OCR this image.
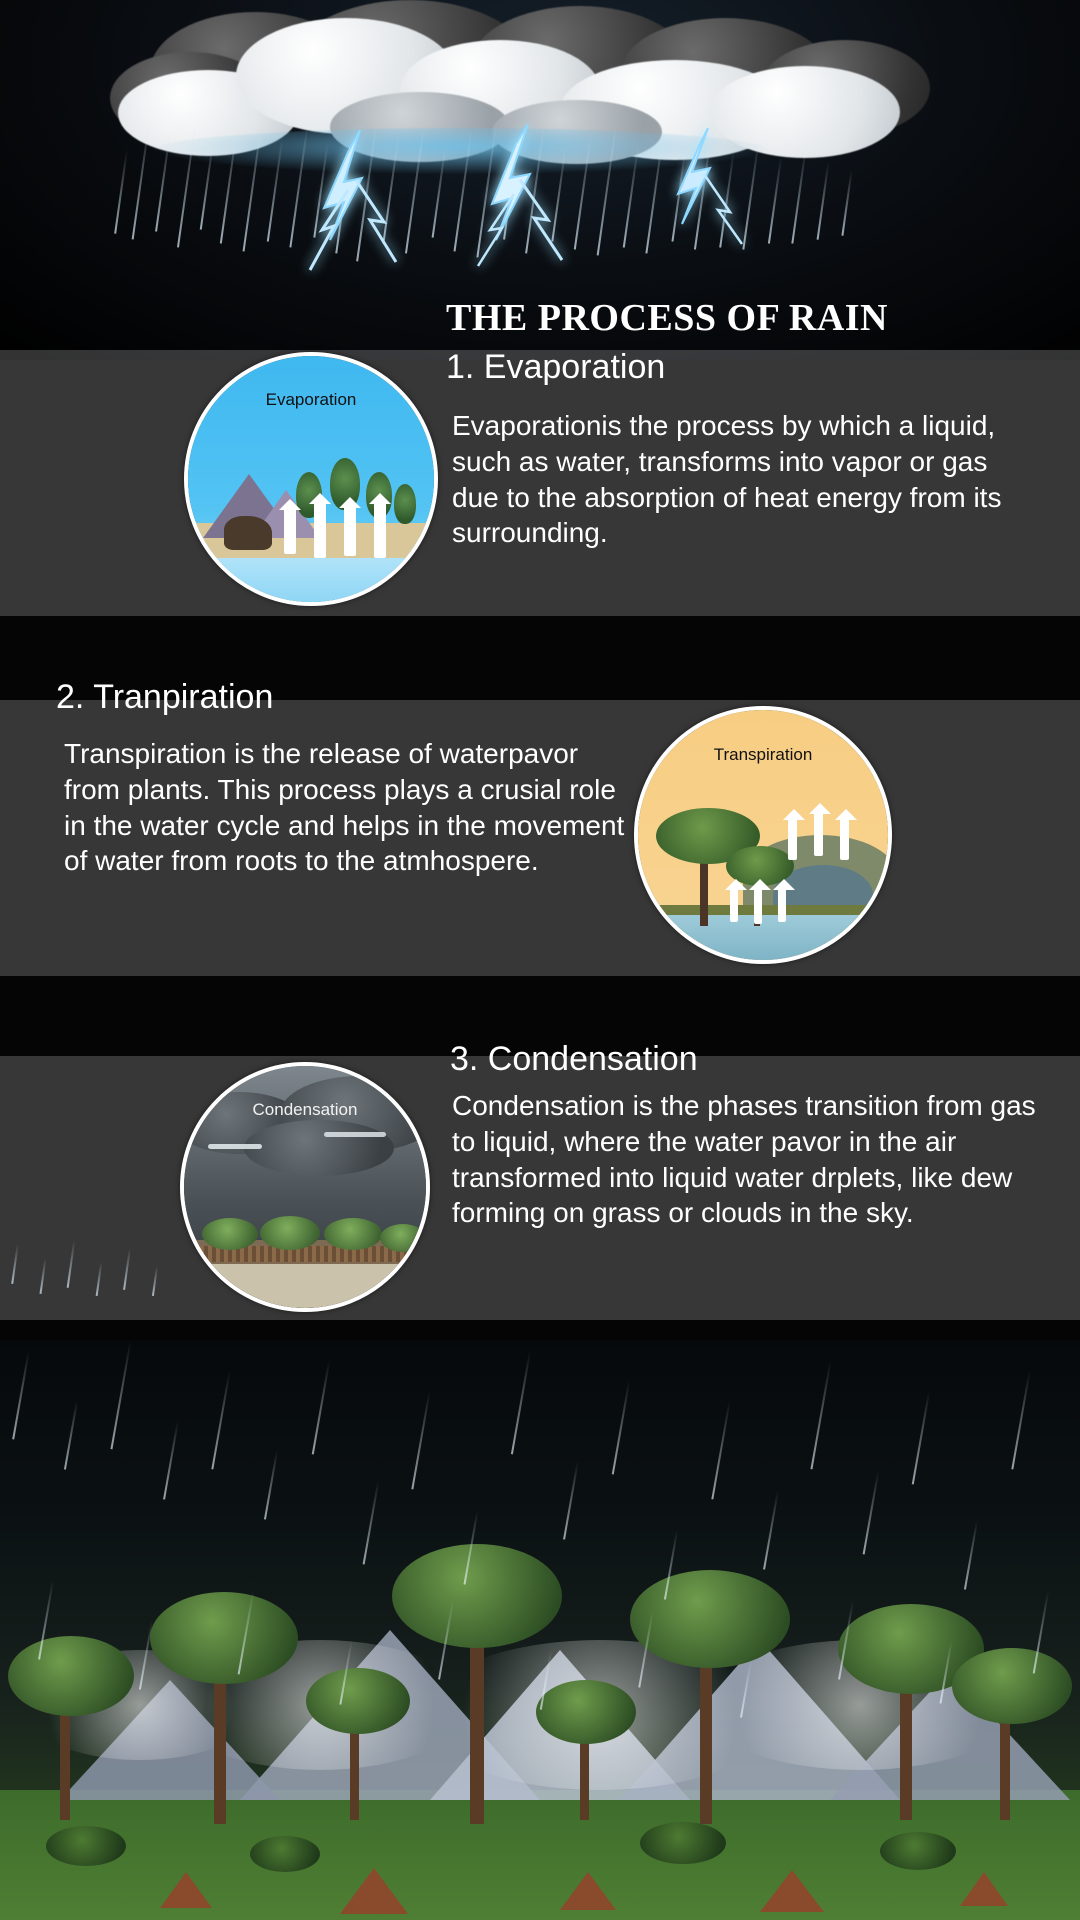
THE PROCESS OF RAIN
1. Evaporation
Evaporationis the process by which a liquid, such as water, transforms into vapor or gas due to the absorption of heat energy from its surrounding.
Evaporation
2. Tranpiration
Transpiration is the release of waterpavor from plants. This process plays a crusial role in the water cycle and helps in the movement of water from roots to the atmhospere.
Transpiration
3. Condensation
Condensation is the phases transition from gas to liquid, where the water pavor in the air transformed into liquid water drplets, like dew forming on grass or clouds in the sky.
Condensation
